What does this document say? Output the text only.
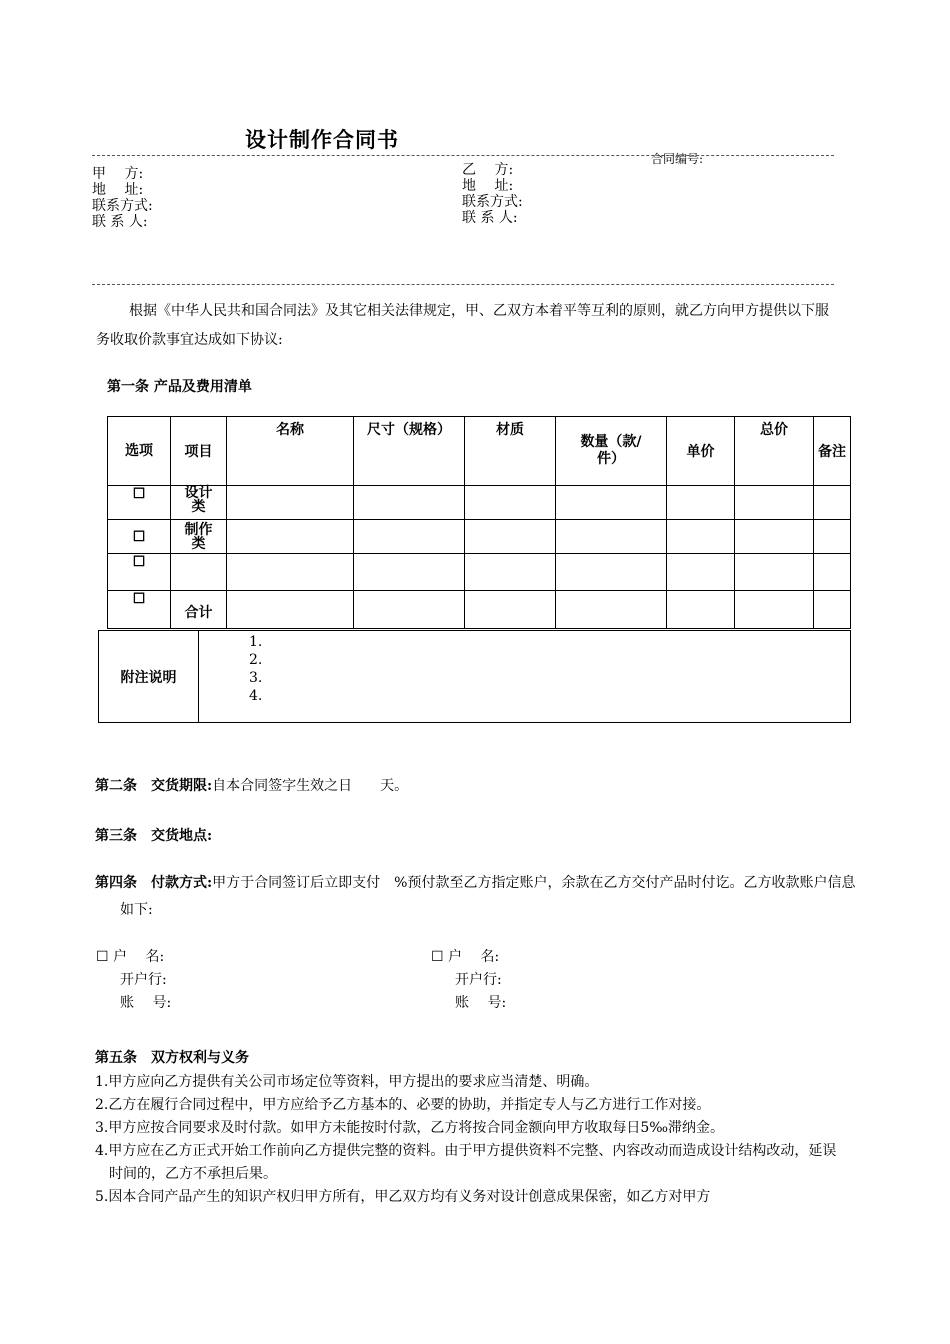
设计制作合同书
合同编号:
甲　 方:
地　 址:
联系方式:
联 系 人:
乙　 方:
地　 址:
联系方式:
联 系 人:
根据《中华人民共和国合同法》及其它相关法律规定，甲、乙双方本着平等互利的原则，就乙方向甲方提供以下服务收取价款事宜达成如下协议:
第一条 产品及费用清单
选项	项目	名称	尺寸（规格）	材质	数量（款/件）	单价	总价	备注
☐	设计类							
☐	制作类							
☐								
☐	合计							
附注说明
1.
2.
3.
4.
第二条　交货期限:自本合同签字生效之日　　天。
第三条　交货地点:
第四条　付款方式:甲方于合同签订后立即支付　%预付款至乙方指定账户，余款在乙方交付产品时付讫。乙方收款账户信息如下:
☐ 户　 名:
开户行:
账　 号:
☐ 户　 名:
开户行:
账　 号:
第五条　双方权利与义务
1.甲方应向乙方提供有关公司市场定位等资料，甲方提出的要求应当清楚、明确。
2.乙方在履行合同过程中，甲方应给予乙方基本的、必要的协助，并指定专人与乙方进行工作对接。
3.甲方应按合同要求及时付款。如甲方未能按时付款，乙方将按合同金额向甲方收取每日5‰滞纳金。
4.甲方应在乙方正式开始工作前向乙方提供完整的资料。由于甲方提供资料不完整、内容改动而造成设计结构改动，延误时间的，乙方不承担后果。
5.因本合同产品产生的知识产权归甲方所有，甲乙双方均有义务对设计创意成果保密，如乙方对甲方
